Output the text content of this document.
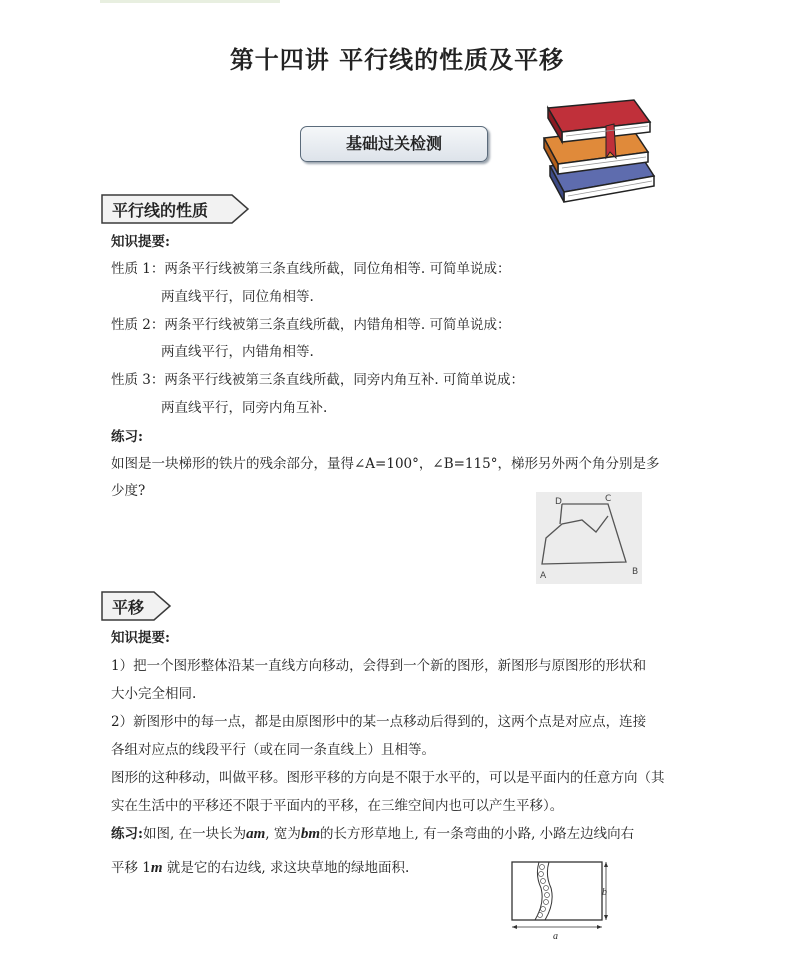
第十四讲 平行线的性质及平移
基础过关检测
平行线的性质
知识提要:
性质 1：两条平行线被第三条直线所截，同位角相等. 可简单说成：
两直线平行，同位角相等.
性质 2：两条平行线被第三条直线所截，内错角相等. 可简单说成：
两直线平行，内错角相等.
性质 3：两条平行线被第三条直线所截，同旁内角互补. 可简单说成：
两直线平行，同旁内角互补.
练习:
如图是一块梯形的铁片的残余部分，量得∠A=100°，∠B=115°，梯形另外两个角分别是多
少度?
D	C
A	B
平移
知识提要:
1）把一个图形整体沿某一直线方向移动，会得到一个新的图形，新图形与原图形的形状和
大小完全相同.
2）新图形中的每一点，都是由原图形中的某一点移动后得到的，这两个点是对应点，连接
各组对应点的线段平行（或在同一条直线上）且相等。
图形的这种移动，叫做平移。图形平移的方向是不限于水平的，可以是平面内的任意方向（其
实在生活中的平移还不限于平面内的平移，在三维空间内也可以产生平移）。
练习:如图, 在一块长为am, 宽为bm的长方形草地上, 有一条弯曲的小路, 小路左边线向右
平移 1m 就是它的右边线, 求这块草地的绿地面积.
b
a
